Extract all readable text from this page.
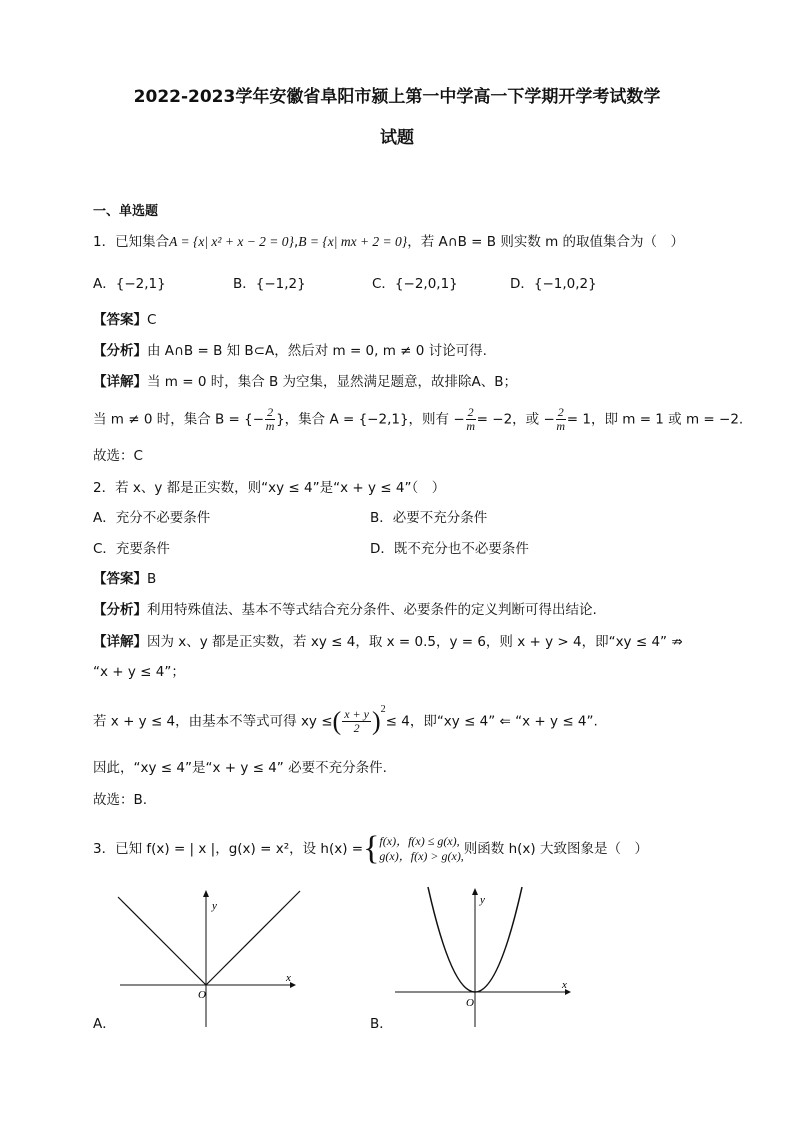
2022-2023学年安徽省阜阳市颍上第一中学高一下学期开学考试数学
试题
一、单选题
1．已知集合A = {x| x² + x − 2 = 0},B = {x| mx + 2 = 0}，若 A∩B = B 则实数 m 的取值集合为（　）
A．{−2,1}	B．{−1,2}	C．{−2,0,1}	D．{−1,0,2}
【答案】C
【分析】由 A∩B = B 知 B⊂A，然后对 m = 0, m ≠ 0 讨论可得.
【详解】当 m = 0 时，集合 B 为空集，显然满足题意，故排除A、B；
当 m ≠ 0 时，集合 B = {− $\frac{2}{m}$ }，集合 A = {−2,1}，则有 − $\frac{2}{m} = -2$，或 − $\frac{2}{m} = 1$，即 m = 1 或 m = −2.
故选：C
2．若 x、y 都是正实数，则“xy ≤ 4”是“x + y ≤ 4”（　）
A．充分不必要条件	B．必要不充分条件
C．充要条件	D．既不充分也不必要条件
【答案】B
【分析】利用特殊值法、基本不等式结合充分条件、必要条件的定义判断可得出结论.
【详解】因为 x、y 都是正实数，若 xy ≤ 4，取 x = 0.5，y = 6，则 x + y > 4，即“xy ≤ 4” ⇏
“x + y ≤ 4”；
若 x + y ≤ 4，由基本不等式可得 xy ≤( $\frac{x + y}{2} )^2\le 4$，即“xy ≤ 4” ⇐ “x + y ≤ 4”.
因此，“xy ≤ 4”是“x + y ≤ 4” 必要不充分条件.
故选：B.
3．已知 f(x) = | x |，g(x) = x²，设 h(x) ={ f(x)，f(x) ≤ g(x),
g(x)，f(x) > g(x), 则函数 h(x) 大致图象是（　）
x
y
O
A．
x
y
O
B．
